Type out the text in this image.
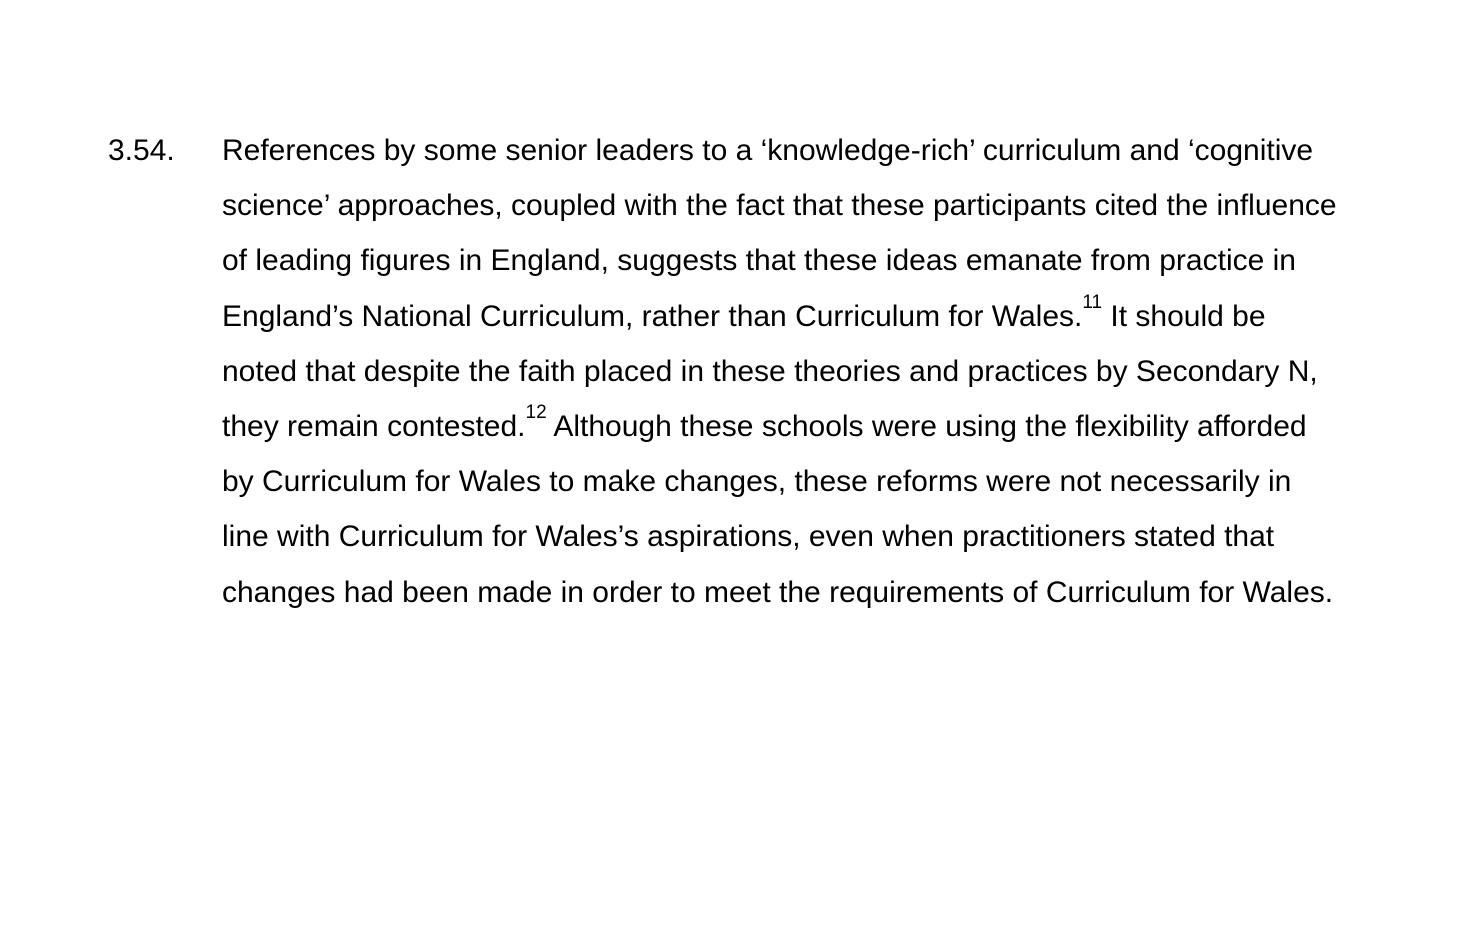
3.54. References by some senior leaders to a ‘knowledge-rich’ curriculum and ‘cognitive
science’ approaches, coupled with the fact that these participants cited the influence
of leading figures in England, suggests that these ideas emanate from practice in
England’s National Curriculum, rather than Curriculum for Wales.$^{11}$ It should be
noted that despite the faith placed in these theories and practices by Secondary N,
they remain contested.$^{12}$ Although these schools were using the flexibility afforded
by Curriculum for Wales to make changes, these reforms were not necessarily in
line with Curriculum for Wales’s aspirations, even when practitioners stated that
changes had been made in order to meet the requirements of Curriculum for Wales.
